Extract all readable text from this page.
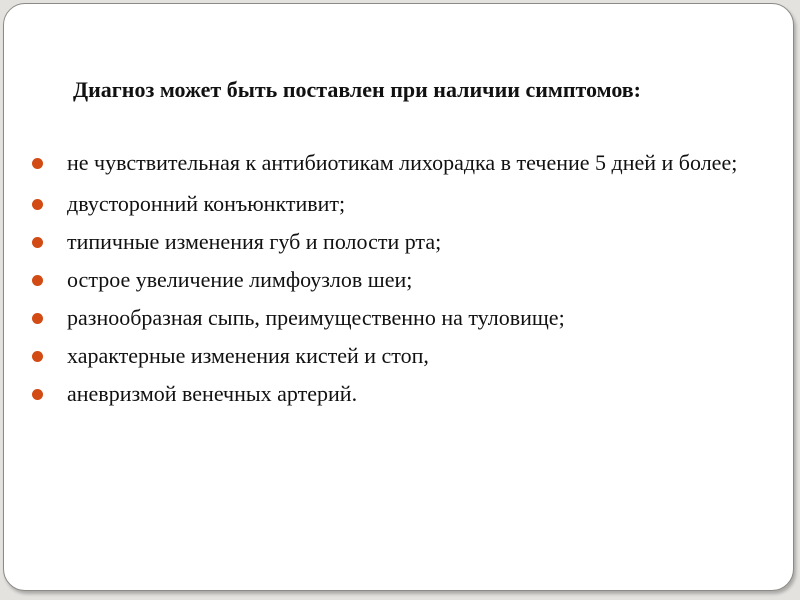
Диагноз может быть поставлен при наличии симптомов:
не чувствительная к антибиотикам лихорадка в течение 5 дней и более;
двусторонний конъюнктивит;
типичные изменения губ и полости рта;
острое увеличение лимфоузлов шеи;
разнообразная сыпь, преимущественно на туловище;
характерные изменения кистей и стоп,
аневризмой венечных артерий.
